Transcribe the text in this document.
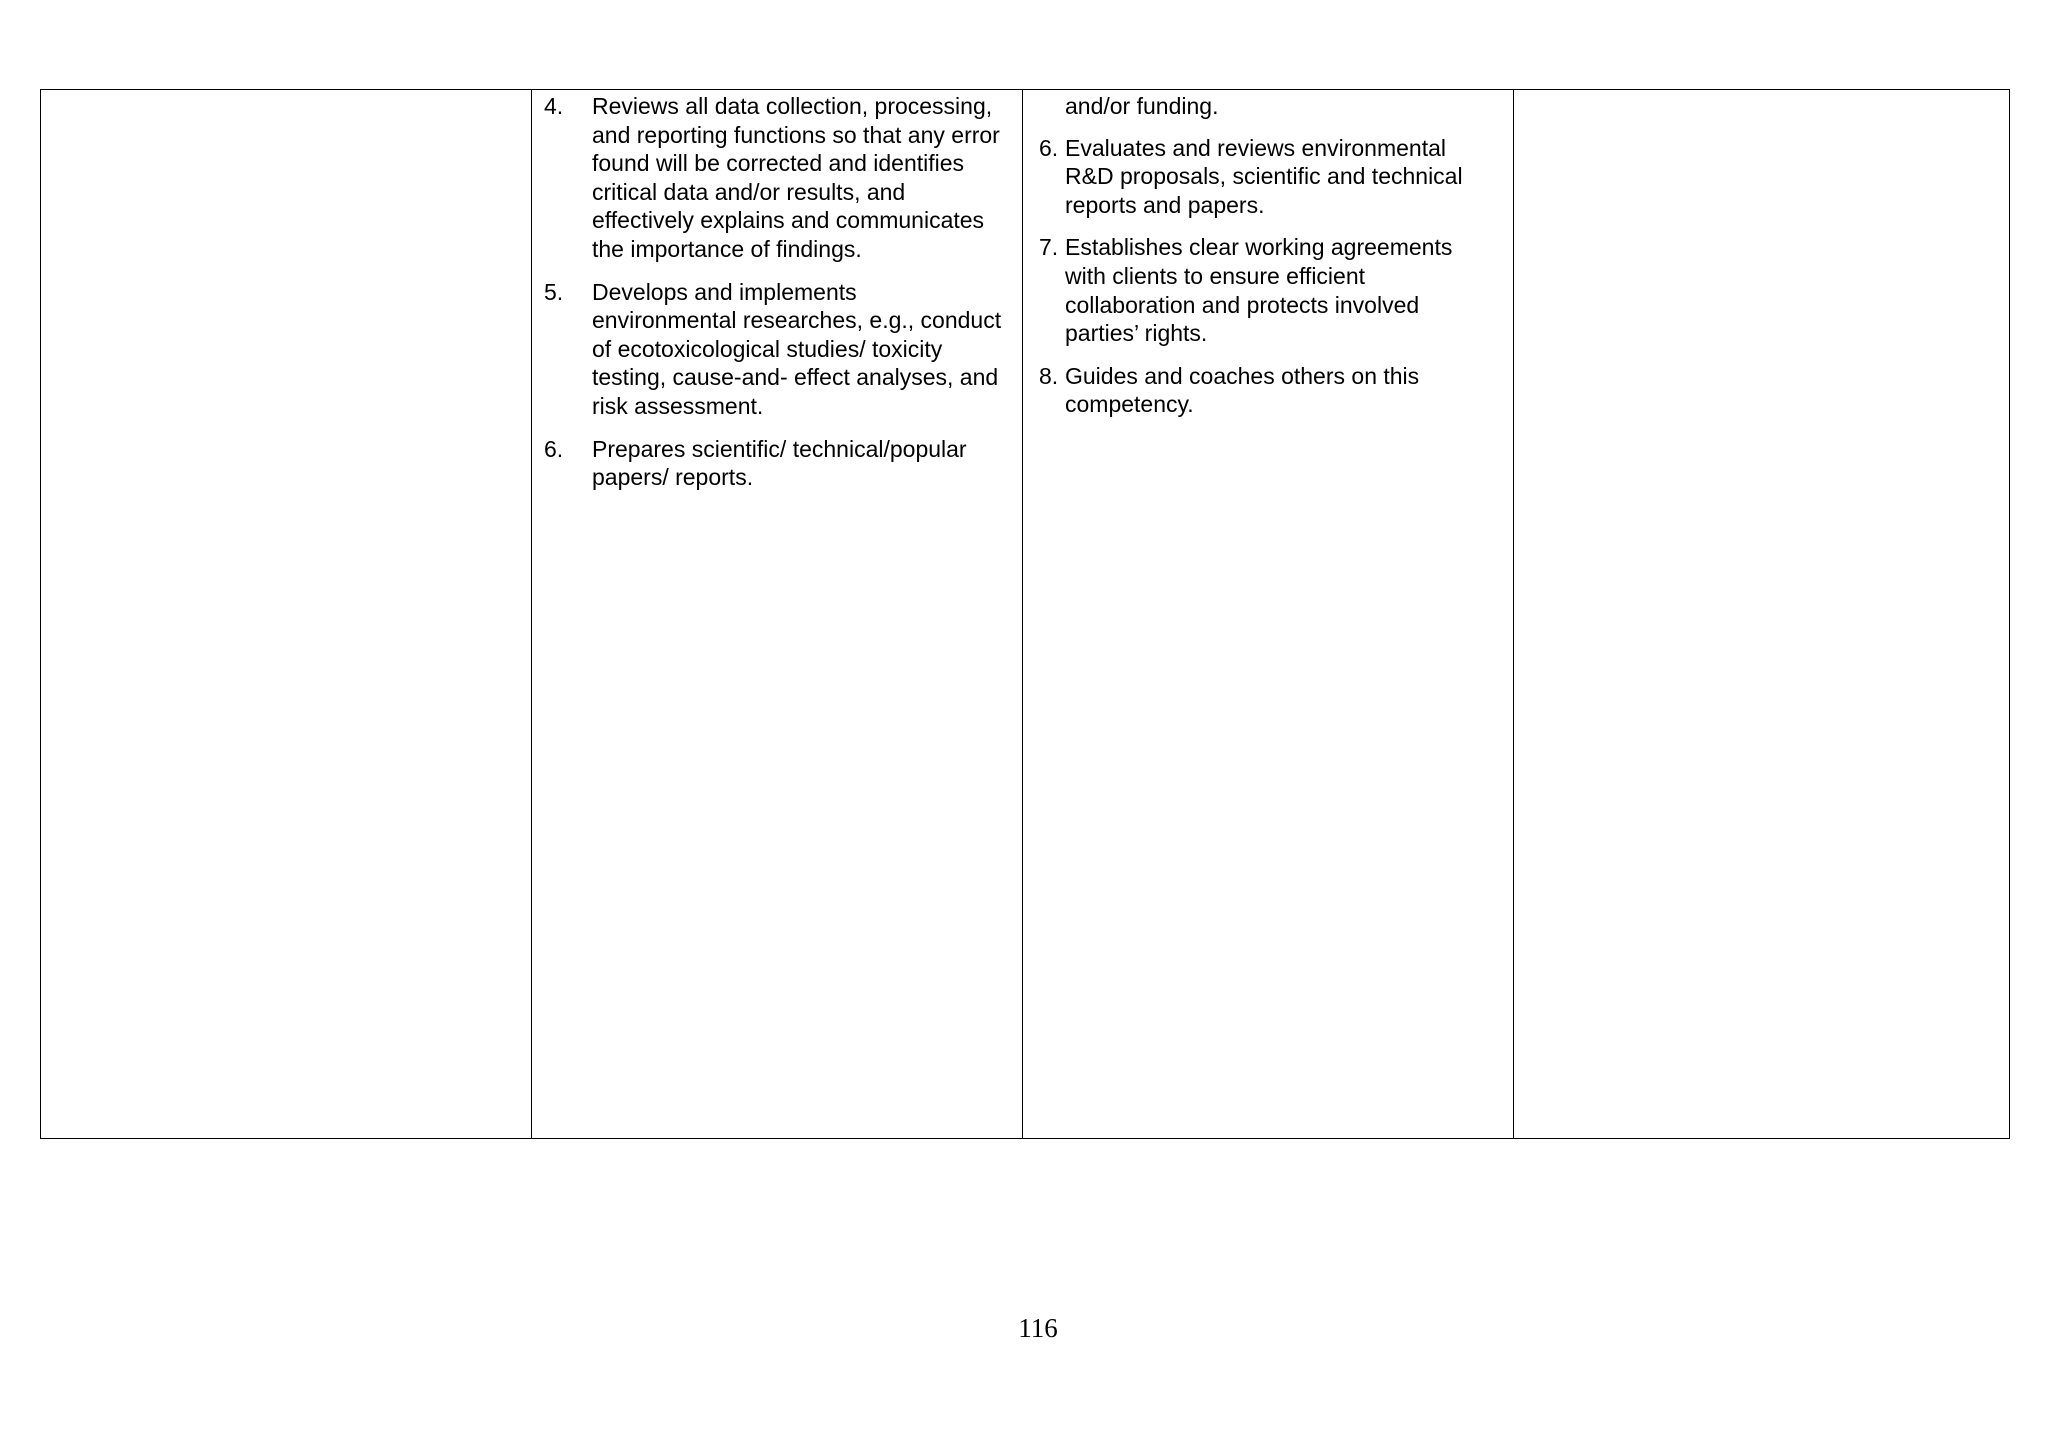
4. Reviews all data collection, processing, and reporting functions so that any error found will be corrected and identifies critical data and/or results, and effectively explains and communicates the importance of findings.
5. Develops and implements environmental researches, e.g., conduct of ecotoxicological studies/ toxicity testing, cause-and- effect analyses, and risk assessment.
6. Prepares scientific/ technical/popular papers/ reports.
and/or funding.
6. Evaluates and reviews environmental R&D proposals, scientific and technical reports and papers.
7. Establishes clear working agreements with clients to ensure efficient collaboration and protects involved parties’ rights.
8. Guides and coaches others on this competency.
116
